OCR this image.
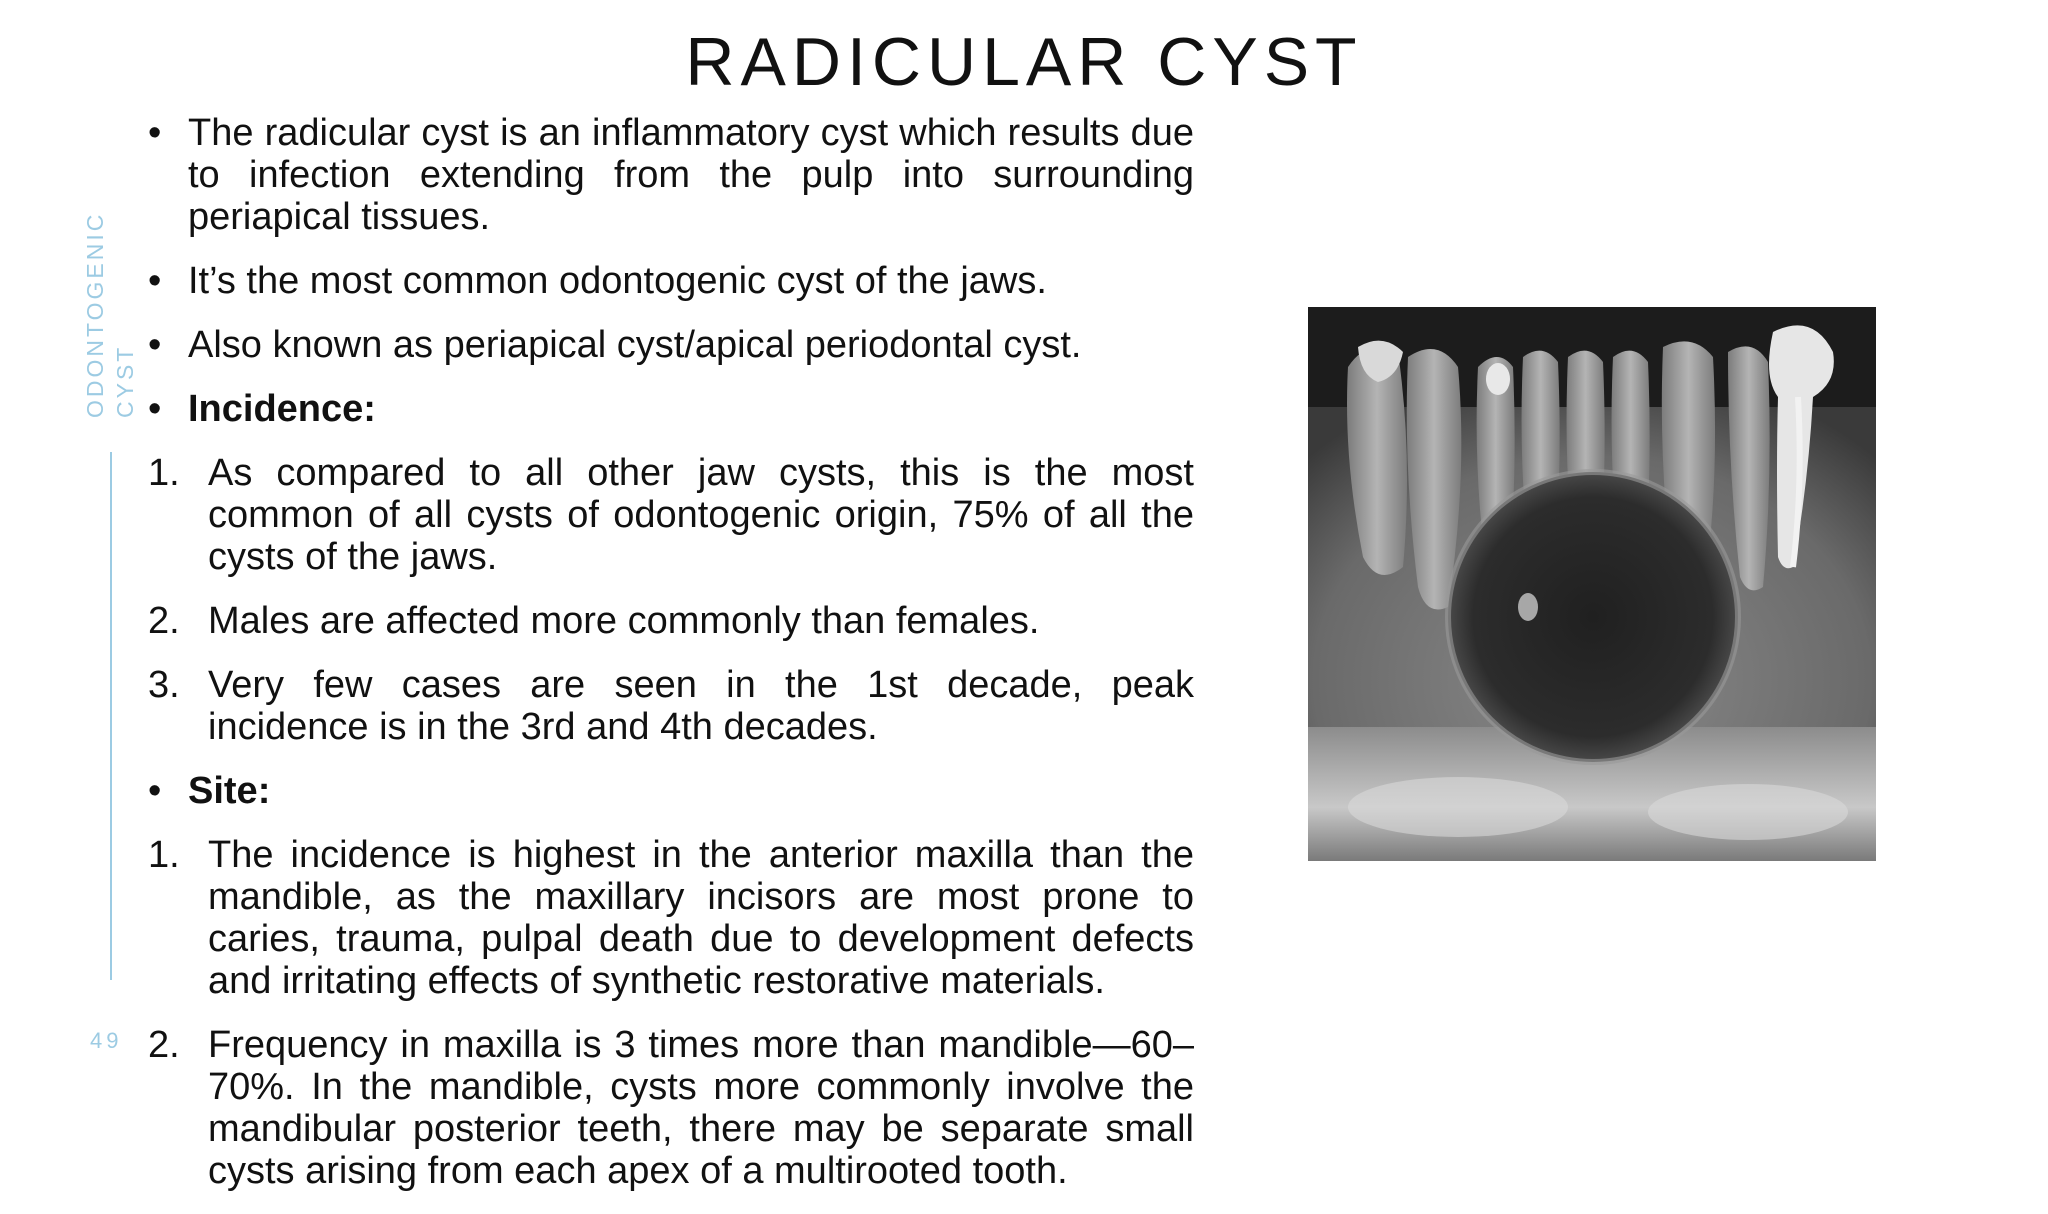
RADICULAR CYST
ODONTOGENIC CYST
49
• The radicular cyst is an inflammatory cyst which results due to infection extending from the pulp into surrounding periapical tissues.
• It’s the most common odontogenic cyst of the jaws.
• Also known as periapical cyst/apical periodontal cyst.
• Incidence:
1. As compared to all other jaw cysts, this is the most common of all cysts of odontogenic origin, 75% of all the cysts of the jaws.
2. Males are affected more commonly than females.
3. Very few cases are seen in the 1st decade, peak incidence is in the 3rd and 4th decades.
• Site:
1. The incidence is highest in the anterior maxilla than the mandible, as the maxillary incisors are most prone to caries, trauma, pulpal death due to development defects and irritating effects of synthetic restorative materials.
2. Frequency in maxilla is 3 times more than mandible—60–70%. In the mandible, cysts more commonly involve the mandibular posterior teeth, there may be separate small cysts arising from each apex of a multirooted tooth.
